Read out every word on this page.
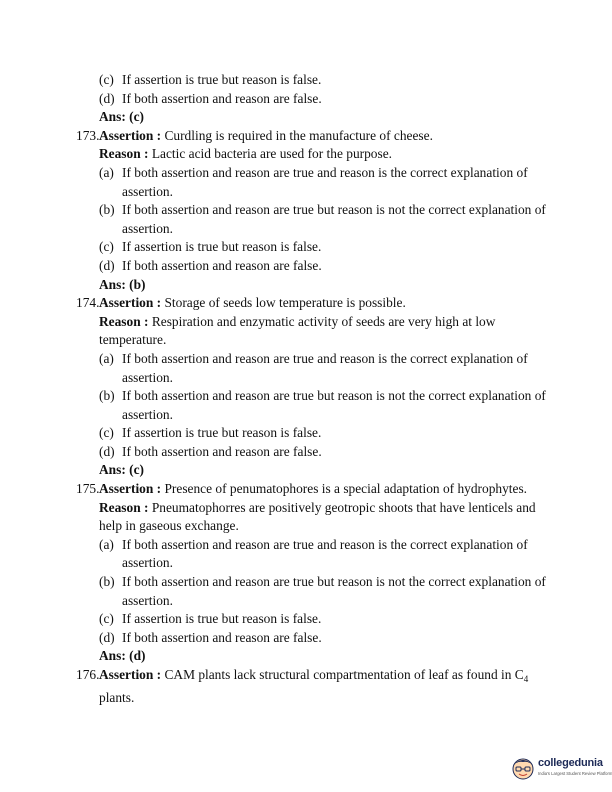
(c) If assertion is true but reason is false.
(d) If both assertion and reason are false.
Ans: (c)
173. Assertion : Curdling is required in the manufacture of cheese.
Reason : Lactic acid bacteria are used for the purpose.
(a) If both assertion and reason are true and reason is the correct explanation of assertion.
(b) If both assertion and reason are true but reason is not the correct explanation of assertion.
(c) If assertion is true but reason is false.
(d) If both assertion and reason are false.
Ans: (b)
174. Assertion : Storage of seeds low temperature is possible.
Reason : Respiration and enzymatic activity of seeds are very high at low temperature.
(a) If both assertion and reason are true and reason is the correct explanation of assertion.
(b) If both assertion and reason are true but reason is not the correct explanation of assertion.
(c) If assertion is true but reason is false.
(d) If both assertion and reason are false.
Ans: (c)
175. Assertion : Presence of penumatophores is a special adaptation of hydrophytes.
Reason : Pneumatophorres are positively geotropic shoots that have lenticels and help in gaseous exchange.
(a) If both assertion and reason are true and reason is the correct explanation of assertion.
(b) If both assertion and reason are true but reason is not the correct explanation of assertion.
(c) If assertion is true but reason is false.
(d) If both assertion and reason are false.
Ans: (d)
176. Assertion : CAM plants lack structural compartmentation of leaf as found in $C_4$ plants.
collegedunia
India's Largest Student Review Platform
